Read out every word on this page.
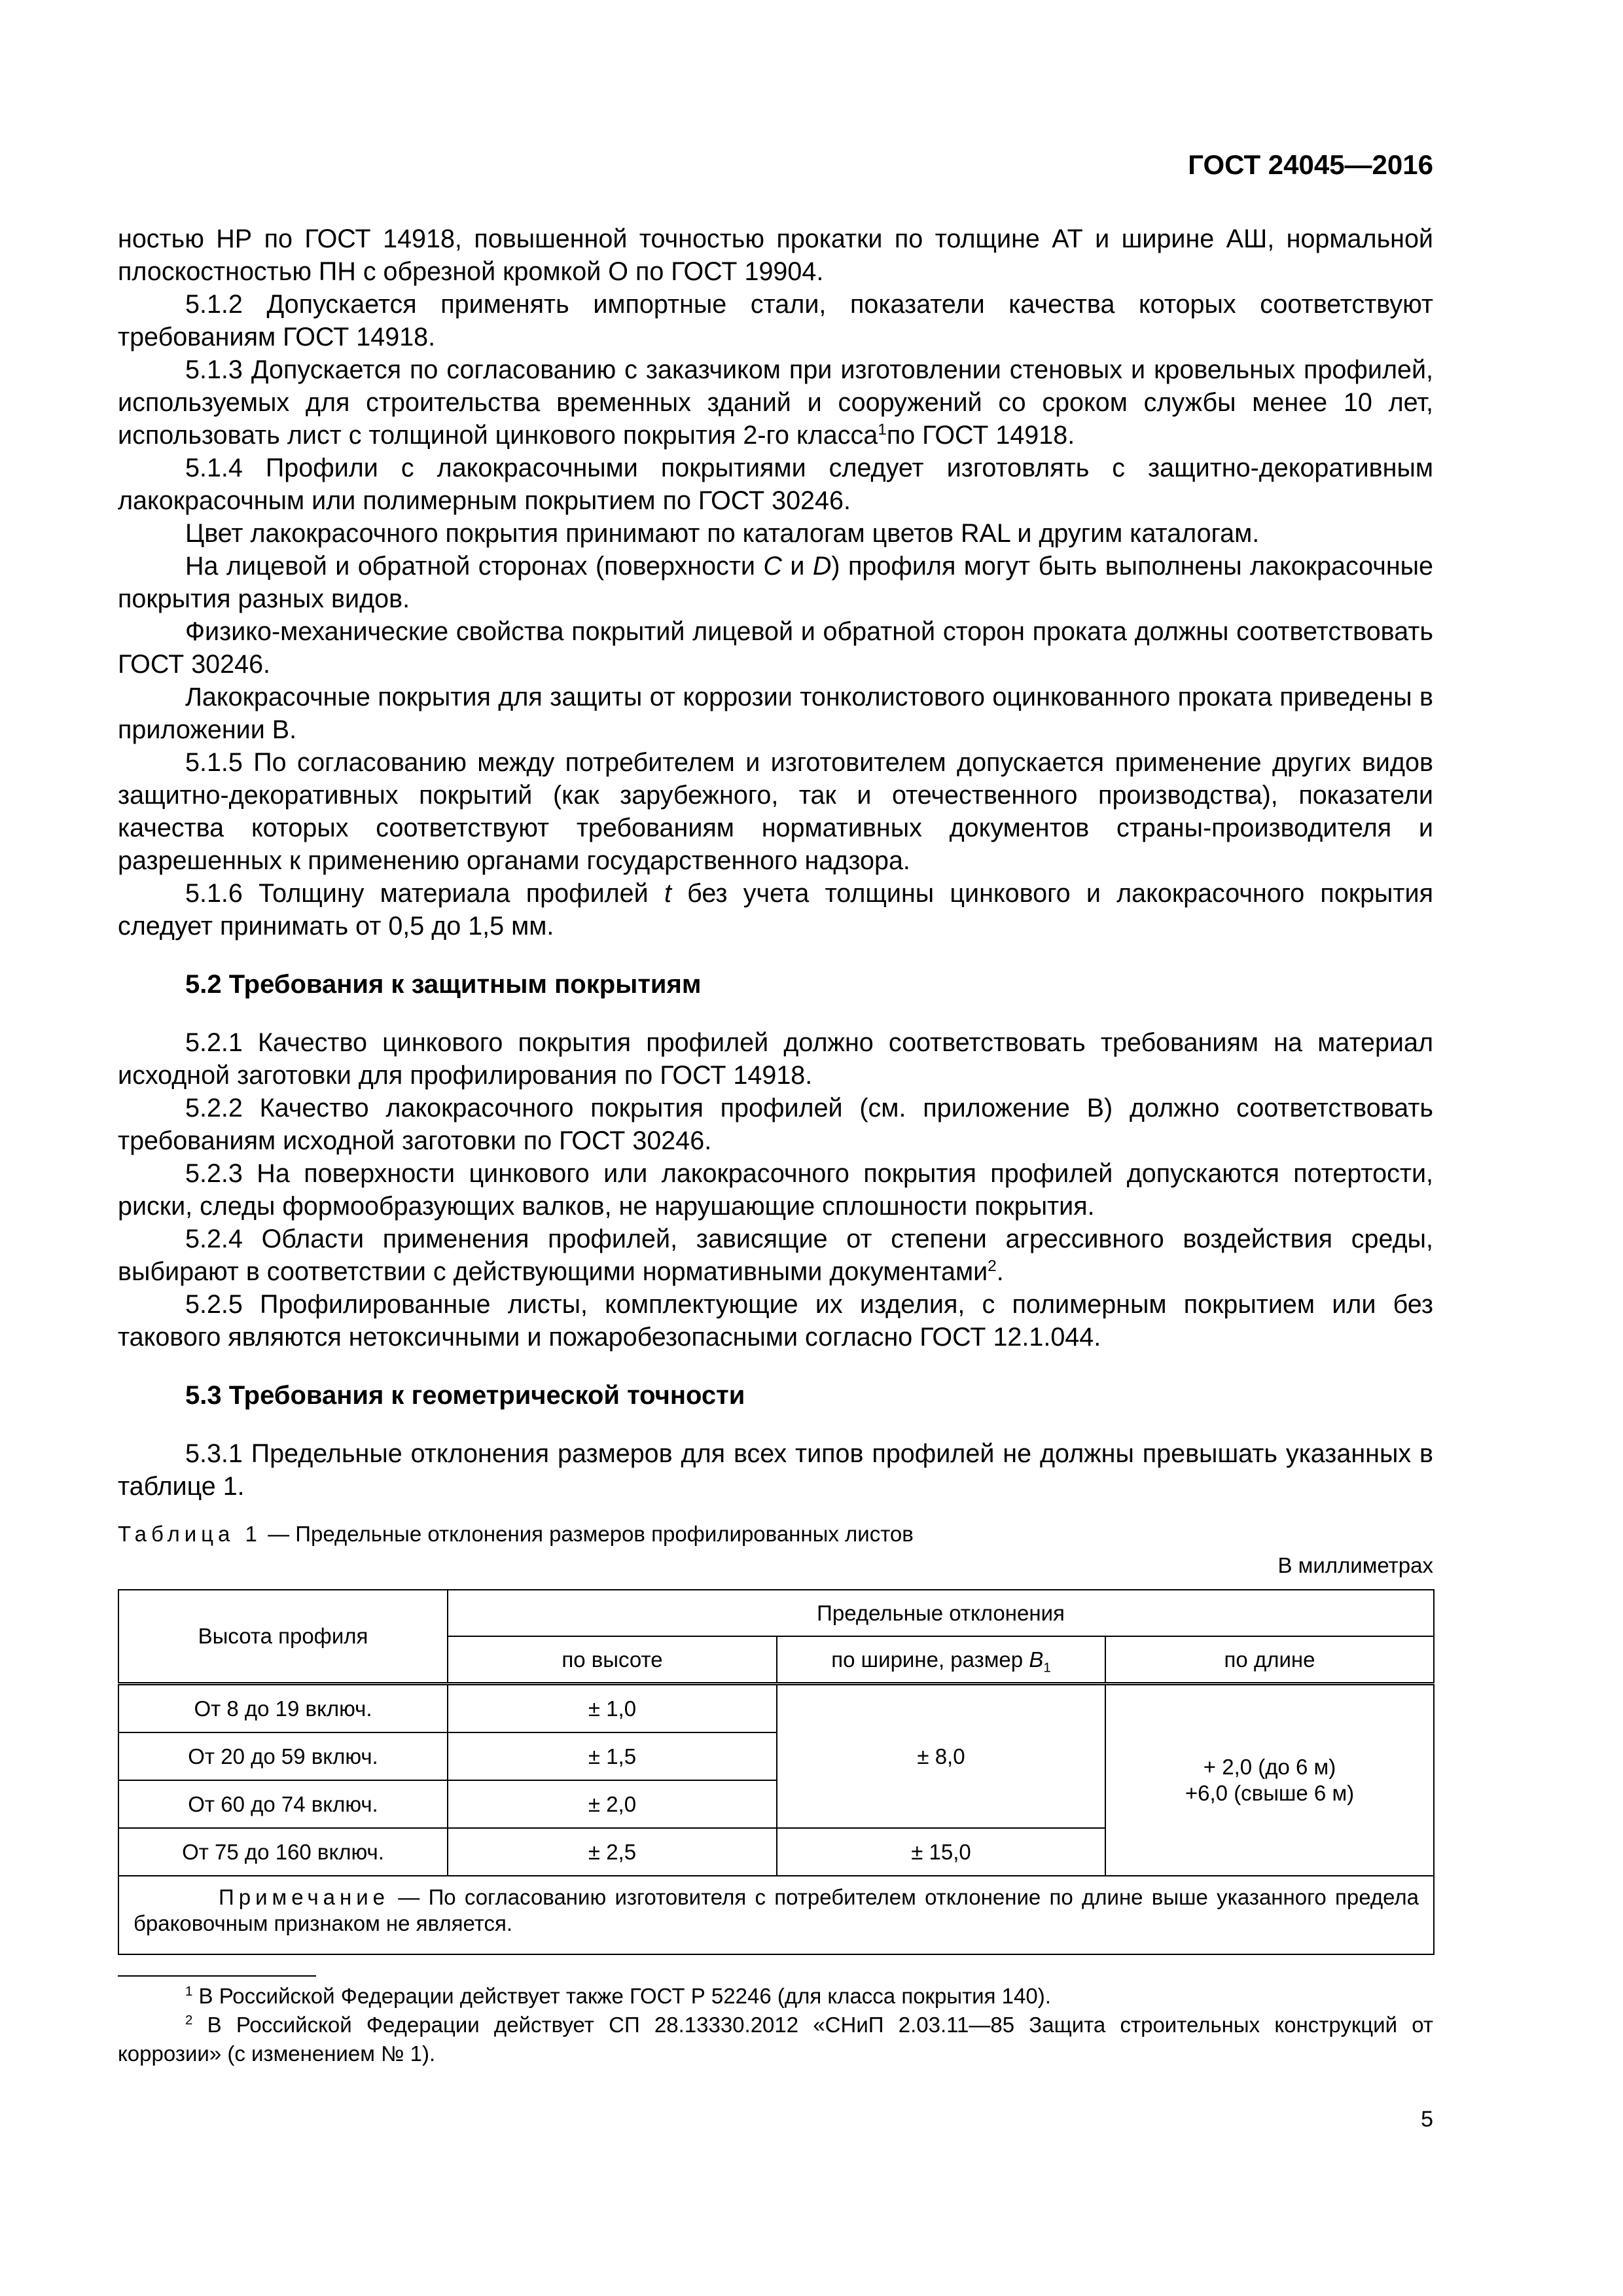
ГОСТ 24045—2016

ностью НР по ГОСТ 14918, повышенной точностью прокатки по толщине АТ и ширине АШ, нормальной плоскостностью ПН с обрезной кромкой О по ГОСТ 19904.

5.1.2 Допускается применять импортные стали, показатели качества которых соответствуют требованиям ГОСТ 14918.

5.1.3 Допускается по согласованию с заказчиком при изготовлении стеновых и кровельных профилей, используемых для строительства временных зданий и сооружений со сроком службы менее 10 лет, использовать лист с толщиной цинкового покрытия 2-го класса$^1$по ГОСТ 14918.

5.1.4 Профили с лакокрасочными покрытиями следует изготовлять с защитно-декоративным лакокрасочным или полимерным покрытием по ГОСТ 30246.

Цвет лакокрасочного покрытия принимают по каталогам цветов RAL и другим каталогам.

На лицевой и обратной сторонах (поверхности C и D) профиля могут быть выполнены лакокрасочные покрытия разных видов.

Физико-механические свойства покрытий лицевой и обратной сторон проката должны соответствовать ГОСТ 30246.

Лакокрасочные покрытия для защиты от коррозии тонколистового оцинкованного проката приведены в приложении В.

5.1.5 По согласованию между потребителем и изготовителем допускается применение других видов защитно-декоративных покрытий (как зарубежного, так и отечественного производства), показатели качества которых соответствуют требованиям нормативных документов страны-производителя и разрешенных к применению органами государственного надзора.

5.1.6 Толщину материала профилей t без учета толщины цинкового и лакокрасочного покрытия следует принимать от 0,5 до 1,5 мм.

5.2 Требования к защитным покрытиям

5.2.1 Качество цинкового покрытия профилей должно соответствовать требованиям на материал исходной заготовки для профилирования по ГОСТ 14918.

5.2.2 Качество лакокрасочного покрытия профилей (см. приложение В) должно соответствовать требованиям исходной заготовки по ГОСТ 30246.

5.2.3 На поверхности цинкового или лакокрасочного покрытия профилей допускаются потертости, риски, следы формообразующих валков, не нарушающие сплошности покрытия.

5.2.4 Области применения профилей, зависящие от степени агрессивного воздействия среды, выбирают в соответствии с действующими нормативными документами$^2$.

5.2.5 Профилированные листы, комплектующие их изделия, с полимерным покрытием или без такового являются нетоксичными и пожаробезопасными согласно ГОСТ 12.1.044.

5.3 Требования к геометрической точности

5.3.1 Предельные отклонения размеров для всех типов профилей не должны превышать указанных в таблице 1.

Таблица 1 — Предельные отклонения размеров профилированных листов
В миллиметрах
Высота профиля	Предельные отклонения		
	по высоте	по ширине, размер $B_1$	по длине
От 8 до 19 включ.	± 1,0	± 8,0	+ 2,0 (до 6 м)
+6,0 (свыше 6 м)

От 20 до 59 включ.	± 1,5		
От 60 до 74 включ.	± 2,0		
От 75 до 160 включ.	± 2,5	± 15,0	
Примечание — По согласованию изготовителя с потребителем отклонение по длине выше указанного предела браковочным признаком не является.			

$^1$ В Российской Федерации действует также ГОСТ Р 52246 (для класса покрытия 140).

$^2$ В Российской Федерации действует СП 28.13330.2012 «СНиП 2.03.11—85 Защита строительных конструкций от коррозии» (с изменением № 1).

5
